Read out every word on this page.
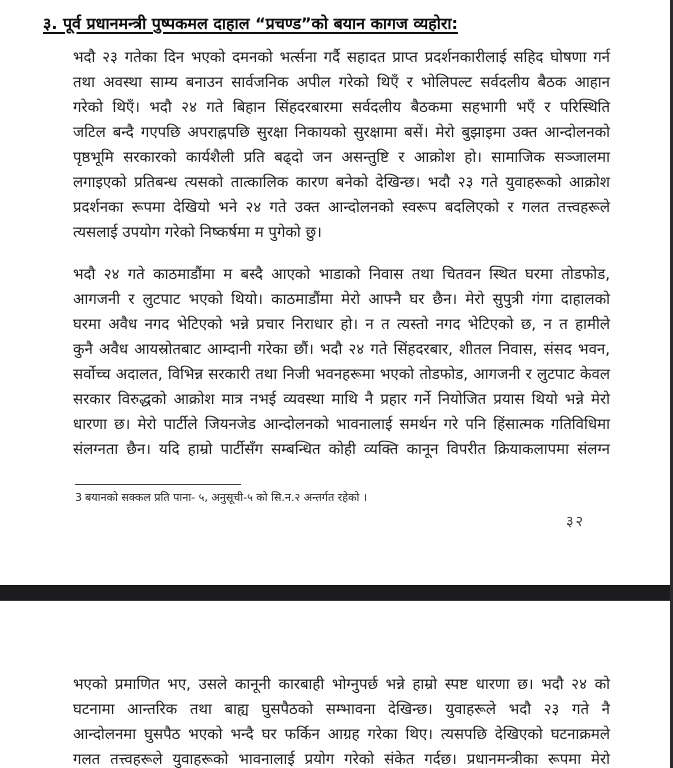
३. पूर्व प्रधानमन्त्री पुष्पकमल दाहाल “प्रचण्ड”को बयान कागज व्यहोरा:
भदौ २३ गतेका दिन भएको दमनको भर्त्सना गर्दै सहादत प्राप्त प्रदर्शनकारीलाई सहिद घोषणा गर्न
तथा अवस्था साम्य बनाउन सार्वजनिक अपील गरेको थिएँ र भोलिपल्ट सर्वदलीय बैठक आहान
गरेको थिएँ। भदौ २४ गते बिहान सिंहदरबारमा सर्वदलीय बैठकमा सहभागी भएँ र परिस्थिति
जटिल बन्दै गएपछि अपराह्नपछि सुरक्षा निकायको सुरक्षामा बसें। मेरो बुझाइमा उक्त आन्दोलनको
पृष्ठभूमि सरकारको कार्यशैली प्रति बढ्दो जन असन्तुष्टि र आक्रोश हो। सामाजिक सञ्जालमा
लगाइएको प्रतिबन्ध त्यसको तात्कालिक कारण बनेको देखिन्छ। भदौ २३ गते युवाहरूको आक्रोश
प्रदर्शनका रूपमा देखियो भने २४ गते उक्त आन्दोलनको स्वरूप बदलिएको र गलत तत्त्वहरूले
त्यसलाई उपयोग गरेको निष्कर्षमा म पुगेको छु।
भदौ २४ गते काठमाडौंमा म बस्दै आएको भाडाको निवास तथा चितवन स्थित घरमा तोडफोड,
आगजनी र लुटपाट भएको थियो। काठमाडौंमा मेरो आफ्नै घर छैन। मेरो सुपुत्री गंगा दाहालको
घरमा अवैध नगद भेटिएको भन्ने प्रचार निराधार हो। न त त्यस्तो नगद भेटिएको छ, न त हामीले
कुनै अवैध आयस्रोतबाट आम्दानी गरेका छौं। भदौ २४ गते सिंहदरबार, शीतल निवास, संसद भवन,
सर्वोच्च अदालत, विभिन्न सरकारी तथा निजी भवनहरूमा भएको तोडफोड, आगजनी र लुटपाट केवल
सरकार विरुद्धको आक्रोश मात्र नभई व्यवस्था माथि नै प्रहार गर्ने नियोजित प्रयास थियो भन्ने मेरो
धारणा छ। मेरो पार्टीले जियनजेड आन्दोलनको भावनालाई समर्थन गरे पनि हिंसात्मक गतिविधिमा
संलग्नता छैन। यदि हाम्रो पार्टीसँग सम्बन्धित कोही व्यक्ति कानून विपरीत क्रियाकलापमा संलग्न
3 बयानको सक्कल प्रति पाना- ५, अनुसूची-५ को सि.न.२ अन्तर्गत रहेको ।
३२
भएको प्रमाणित भए, उसले कानूनी कारबाही भोग्नुपर्छ भन्ने हाम्रो स्पष्ट धारणा छ। भदौ २४ को
घटनामा आन्तरिक तथा बाह्य घुसपैठको सम्भावना देखिन्छ। युवाहरूले भदौ २३ गते नै
आन्दोलनमा घुसपैठ भएको भन्दै घर फर्किन आग्रह गरेका थिए। त्यसपछि देखिएको घटनाक्रमले
गलत तत्त्वहरूले युवाहरूको भावनालाई प्रयोग गरेको संकेत गर्दछ। प्रधानमन्त्रीका रूपमा मेरो
